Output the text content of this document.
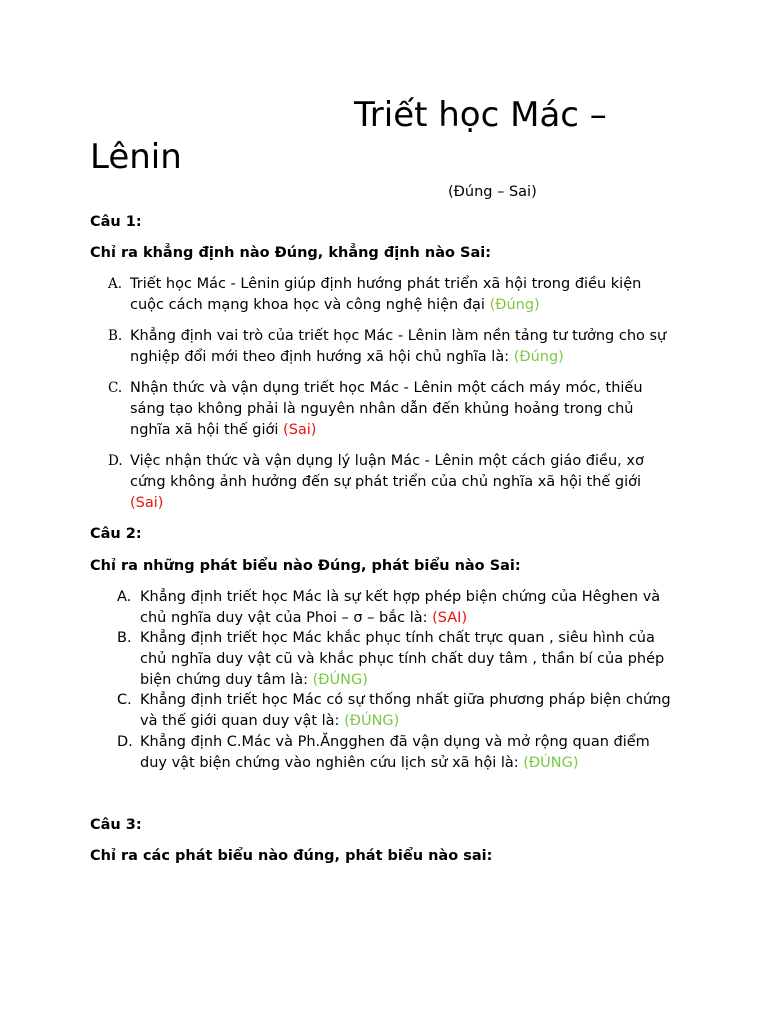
Triết học Mác – Lênin
(Đúng – Sai)
Câu 1:
Chỉ ra khẳng định nào Đúng, khẳng định nào Sai:
A. Triết học Mác - Lênin giúp định hướng phát triển xã hội trong điều kiện cuộc cách mạng khoa học và công nghệ hiện đại (Đúng)
B. Khẳng định vai trò của triết học Mác - Lênin làm nền tảng tư tưởng cho sự nghiệp đổi mới theo định hướng xã hội chủ nghĩa là: (Đúng)
C. Nhận thức và vận dụng triết học Mác - Lênin một cách máy móc, thiếu sáng tạo không phải là nguyên nhân dẫn đến khủng hoảng trong chủ nghĩa xã hội thế giới (Sai)
D. Việc nhận thức và vận dụng lý luận Mác - Lênin một cách giáo điều, xơ cứng không ảnh hưởng đến sự phát triển của chủ nghĩa xã hội thế giới (Sai)
Câu 2:
Chỉ ra những phát biểu nào Đúng, phát biểu nào Sai:
A. Khẳng định triết học Mác là sự kết hợp phép biện chứng của Hêghen và chủ nghĩa duy vật của Phoi – σ – bắc là: (SAI)
B. Khẳng định triết học Mác khắc phục tính chất trực quan , siêu hình của chủ nghĩa duy vật cũ và khắc phục tính chất duy tâm , thần bí của phép biện chứng duy tâm là: (ĐÚNG)
C. Khẳng định triết học Mác có sự thống nhất giữa phương pháp biện chứng và thế giới quan duy vật là: (ĐÚNG)
D. Khẳng định C.Mác và Ph.Ăngghen đã vận dụng và mở rộng quan điểm duy vật biện chứng vào nghiên cứu lịch sử xã hội là: (ĐÚNG)
Câu 3:
Chỉ ra các phát biểu nào đúng, phát biểu nào sai:
